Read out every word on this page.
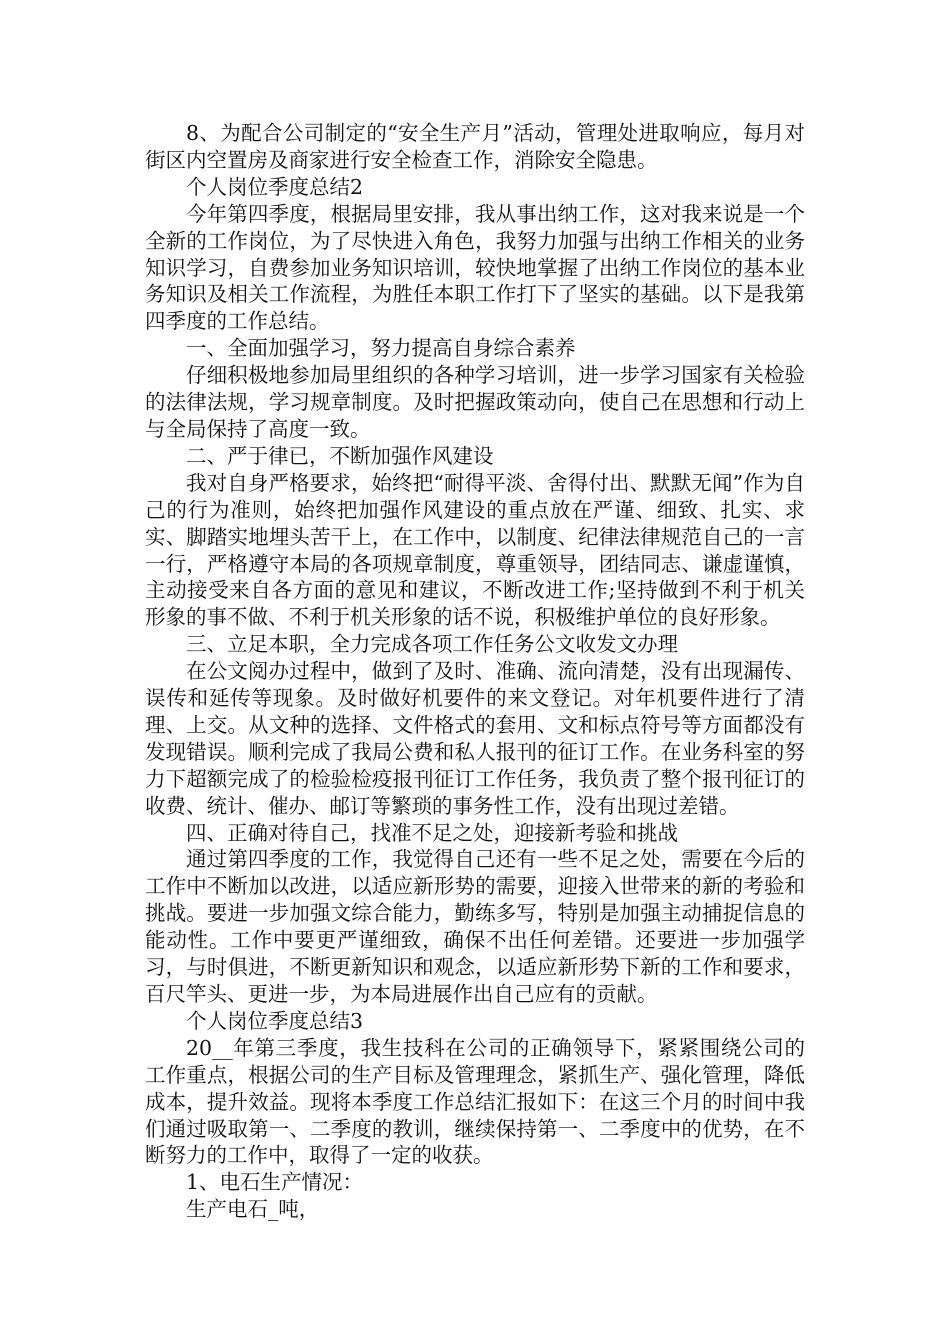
8、为配合公司制定的“安全生产月”活动，管理处进取响应，每月对街区内空置房及商家进行安全检查工作，消除安全隐患。

个人岗位季度总结2

今年第四季度，根据局里安排，我从事出纳工作，这对我来说是一个全新的工作岗位，为了尽快进入角色，我努力加强与出纳工作相关的业务知识学习，自费参加业务知识培训，较快地掌握了出纳工作岗位的基本业务知识及相关工作流程，为胜任本职工作打下了坚实的基础。以下是我第四季度的工作总结。

一、全面加强学习，努力提高自身综合素养

仔细积极地参加局里组织的各种学习培训，进一步学习国家有关检验的法律法规，学习规章制度。及时把握政策动向，使自己在思想和行动上与全局保持了高度一致。

二、严于律已，不断加强作风建设

我对自身严格要求，始终把“耐得平淡、舍得付出、默默无闻”作为自己的行为准则，始终把加强作风建设的重点放在严谨、细致、扎实、求实、脚踏实地埋头苦干上，在工作中，以制度、纪律法律规范自己的一言一行，严格遵守本局的各项规章制度，尊重领导，团结同志、谦虚谨慎，主动接受来自各方面的意见和建议，不断改进工作;坚持做到不利于机关形象的事不做、不利于机关形象的话不说，积极维护单位的良好形象。

三、立足本职，全力完成各项工作任务公文收发文办理

在公文阅办过程中，做到了及时、准确、流向清楚，没有出现漏传、误传和延传等现象。及时做好机要件的来文登记。对年机要件进行了清理、上交。从文种的选择、文件格式的套用、文和标点符号等方面都没有发现错误。顺利完成了我局公费和私人报刊的征订工作。在业务科室的努力下超额完成了的检验检疫报刊征订工作任务，我负责了整个报刊征订的收费、统计、催办、邮订等繁琐的事务性工作，没有出现过差错。

四、正确对待自己，找准不足之处，迎接新考验和挑战

通过第四季度的工作，我觉得自己还有一些不足之处，需要在今后的工作中不断加以改进，以适应新形势的需要，迎接入世带来的新的考验和挑战。要进一步加强文综合能力，勤练多写，特别是加强主动捕捉信息的能动性。工作中要更严谨细致，确保不出任何差错。还要进一步加强学习，与时俱进，不断更新知识和观念，以适应新形势下新的工作和要求，百尺竿头、更进一步，为本局进展作出自己应有的贡献。

个人岗位季度总结3

20__年第三季度，我生技科在公司的正确领导下，紧紧围绕公司的工作重点，根据公司的生产目标及管理理念，紧抓生产、强化管理，降低成本，提升效益。现将本季度工作总结汇报如下：在这三个月的时间中我们通过吸取第一、二季度的教训，继续保持第一、二季度中的优势，在不断努力的工作中，取得了一定的收获。

1、电石生产情况：

生产电石_吨，
